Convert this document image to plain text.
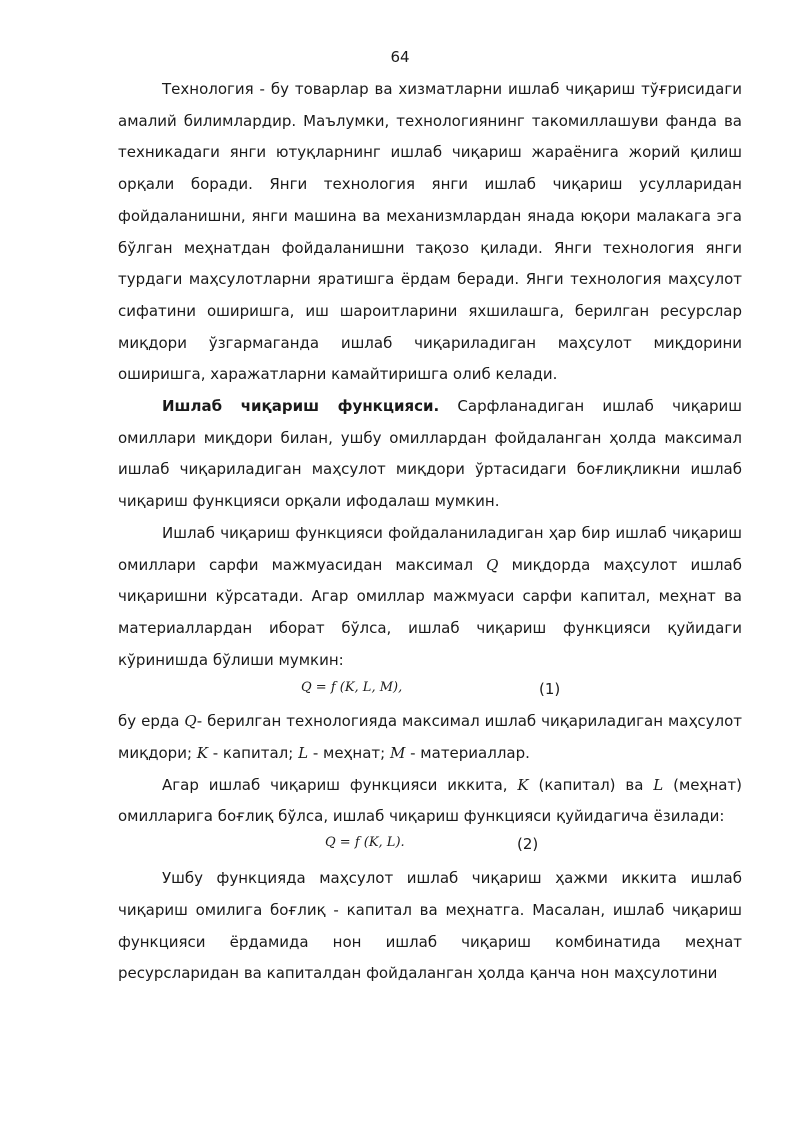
64

Технология - бу товарлар ва хизматларни ишлаб чиқариш тўғрисидаги амалий билимлардир. Маълумки, технологиянинг такомиллашуви фанда ва техникадаги янги ютуқларнинг ишлаб чиқариш жараёнига жорий қилиш орқали боради. Янги технология янги ишлаб чиқариш усулларидан фойдаланишни, янги машина ва механизмлардан янада юқори малакага эга бўлган меҳнатдан фойдаланишни тақозо қилади. Янги технология янги турдаги маҳсулотларни яратишга ёрдам беради. Янги технология маҳсулот сифатини оширишга, иш шароитларини яхшилашга, берилган ресурслар миқдори ўзгармаганда ишлаб чиқариладиган маҳсулот миқдорини оширишга, харажатларни камайтиришга олиб келади.

Ишлаб чиқариш функцияси. Сарфланадиган ишлаб чиқариш омиллари миқдори билан, ушбу омиллардан фойдаланган ҳолда максимал ишлаб чиқариладиган маҳсулот миқдори ўртасидаги боғлиқликни ишлаб чиқариш функцияси орқали ифодалаш мумкин.

Ишлаб чиқариш функцияси фойдаланиладиган ҳар бир ишлаб чиқариш омиллари сарфи мажмуасидан максимал Q миқдорда маҳсулот ишлаб чиқаришни кўрсатади. Агар омиллар мажмуаси сарфи капитал, меҳнат ва материаллардан иборат бўлса, ишлаб чиқариш функцияси қуйидаги кўринишда бўлиши мумкин:

Q = f (K, L, M),	(1)

бу ерда Q- берилган технологияда максимал ишлаб чиқариладиган маҳсулот миқдори; K - капитал; L - меҳнат; M - материаллар.

Агар ишлаб чиқариш функцияси иккита, K (капитал) ва L (меҳнат) омилларига боғлиқ бўлса, ишлаб чиқариш функцияси қуйидагича ёзилади:

Q = f (K, L).	(2)

Ушбу функцияда маҳсулот ишлаб чиқариш ҳажми иккита ишлаб чиқариш омилига боғлиқ - капитал ва меҳнатга. Масалан, ишлаб чиқариш функцияси ёрдамида нон ишлаб чиқариш комбинатида меҳнат ресурсларидан ва капиталдан фойдаланган ҳолда қанча нон маҳсулотини
